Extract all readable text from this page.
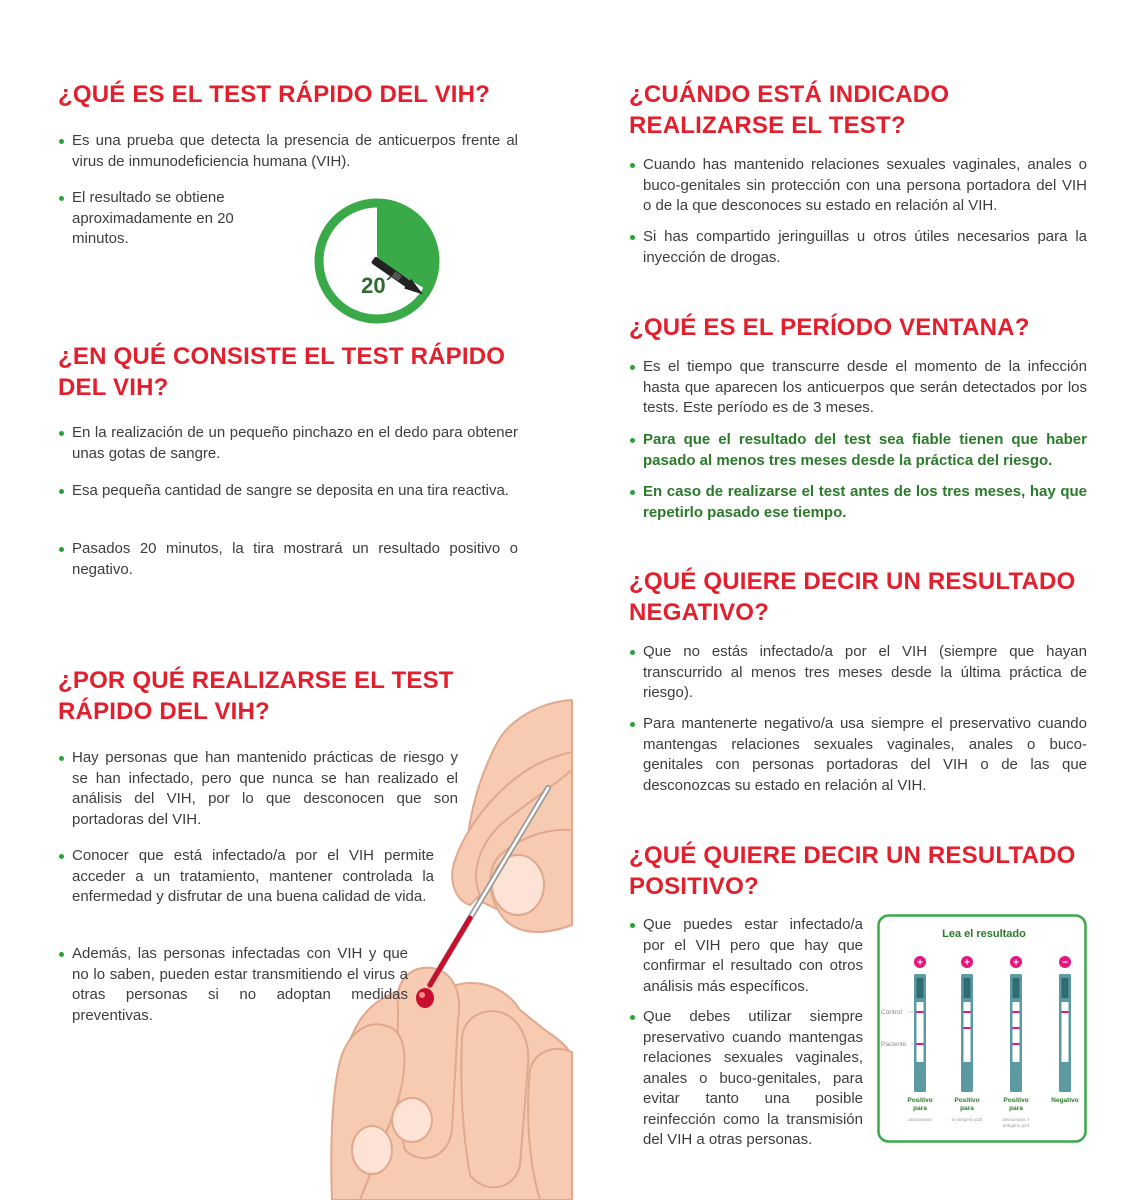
¿QUÉ ES EL TEST RÁPIDO DEL VIH?
Es una prueba que detecta la presencia de anticuerpos frente al virus de inmunodeficiencia humana (VIH).
El resultado se obtiene aproximadamente en 20 minutos.
20´
¿EN QUÉ CONSISTE EL TEST RÁPIDO
DEL VIH?
En la realización de un pequeño pinchazo en el dedo para obtener unas gotas de sangre.
Esa pequeña cantidad de sangre se deposita en una tira reactiva.
Pasados 20 minutos, la tira mostrará un resultado positivo o negativo.
¿POR QUÉ REALIZARSE EL TEST
RÁPIDO DEL VIH?
Hay personas que han mantenido prácticas de riesgo y se han infectado, pero que nunca se han realizado el análisis del VIH, por lo que desconocen que son portadoras del VIH.
Conocer que está infectado/a por el VIH permite acceder a un tratamiento, mantener controlada la enfermedad y disfrutar de una buena calidad de vida.
Además, las personas infectadas con VIH y que no lo saben, pueden estar transmitiendo el virus a otras personas si no adoptan medidas preventivas.
¿CUÁNDO ESTÁ INDICADO
REALIZARSE EL TEST?
Cuando has mantenido relaciones sexuales vaginales, anales o buco-genitales sin protección con una persona portadora del VIH o de la que desconoces su estado en relación al VIH.
Si has compartido jeringuillas u otros útiles necesarios para la inyección de drogas.
¿QUÉ ES EL PERÍODO VENTANA?
Es el tiempo que transcurre desde el momento de la infección hasta que aparecen los anticuerpos que serán detectados por los tests. Este período es de 3 meses.
Para que el resultado del test sea fiable tienen que haber pasado al menos tres meses desde la práctica del riesgo.
En caso de realizarse el test antes de los tres meses, hay que repetirlo pasado ese tiempo.
¿QUÉ QUIERE DECIR UN RESULTADO
NEGATIVO?
Que no estás infectado/a por el VIH (siempre que hayan transcurrido al menos tres meses desde la última práctica de riesgo).
Para mantenerte negativo/a usa siempre el preservativo cuando mantengas relaciones sexuales vaginales, anales o buco-genitales con personas portadoras del VIH o de las que desconozcas su estado en relación al VIH.
¿QUÉ QUIERE DECIR UN RESULTADO
POSITIVO?
Que puedes estar infectado/a por el VIH pero que hay que confirmar el resultado con otros análisis más específicos.
Que debes utilizar siempre preservativo cuando mantengas relaciones sexuales vaginales, anales o buco-genitales, para evitar tanto una posible reinfección como la transmisión del VIH a otras personas.
Lea el resultado
Control
Paciente
+
Positivo
para
anticuerpos
+
Positivo
para
el antígeno p24
+
Positivo
para
anticuerpos Y
antígeno p24
−
Negativo
